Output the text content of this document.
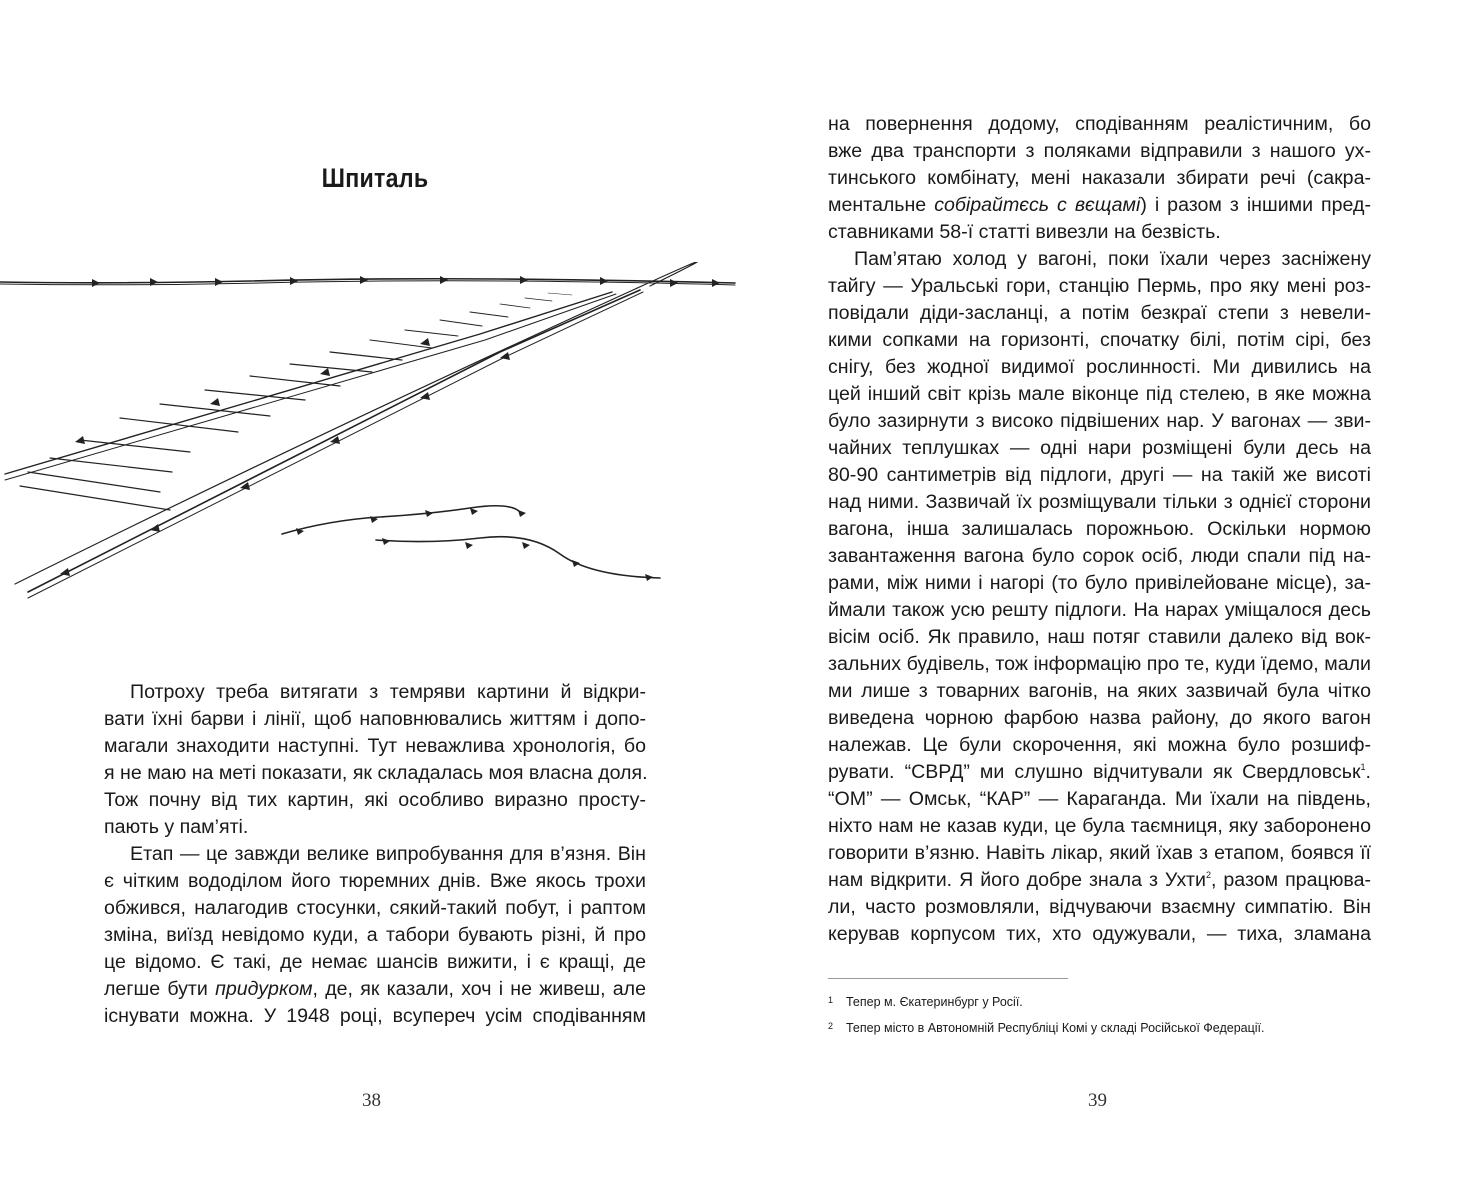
Шпиталь

Потроху треба витягати з темряви картини й відкри-
вати їхні барви і лінії, щоб наповнювались життям і допо-
магали знаходити наступні. Тут неважлива хронологія, бо
я не маю на меті показати, як складалась моя власна доля.
Тож почну від тих картин, які особливо виразно просту-
пають у пам’яті.

Етап — це завжди велике випробування для в’язня. Він
є чітким вододілом його тюремних днів. Вже якось трохи
обжився, налагодив стосунки, сякий-такий побут, і раптом
зміна, виїзд невідомо куди, а табори бувають різні, й про
це відомо. Є такі, де немає шансів вижити, і є кращі, де
легше бути придурком, де, як казали, хоч і не живеш, але
існувати можна. У 1948 році, всупереч усім сподіванням

38

на повернення додому, сподіванням реалістичним, бо
вже два транспорти з поляками відправили з нашого ух-
тинського комбінату, мені наказали збирати речі (сакра-
ментальне собірайтєсь с вєщамі) і разом з іншими пред-
ставниками 58-ї статті вивезли на безвість.

Пам’ятаю холод у вагоні, поки їхали через засніжену
тайгу — Уральські гори, станцію Пермь, про яку мені роз-
повідали діди-засланці, а потім безкраї степи з невели-
кими сопками на горизонті, спочатку білі, потім сірі, без
снігу, без жодної видимої рослинності. Ми дивились на
цей інший світ крізь мале віконце під стелею, в яке можна
було зазирнути з високо підвішених нар. У вагонах — зви-
чайних теплушках — одні нари розміщені були десь на
80-90 сантиметрів від підлоги, другі — на такій же висоті
над ними. Зазвичай їх розміщували тільки з однієї сторони
вагона, інша залишалась порожньою. Оскільки нормою
завантаження вагона було сорок осіб, люди спали під на-
рами, між ними і нагорі (то було привілейоване місце), за-
ймали також усю решту підлоги. На нарах уміщалося десь
вісім осіб. Як правило, наш потяг ставили далеко від вок-
зальних будівель, тож інформацію про те, куди їдемо, мали
ми лише з товарних вагонів, на яких зазвичай була чітко
виведена чорною фарбою назва району, до якого вагон
належав. Це були скорочення, які можна було розшиф-
рувати. “СВРД” ми слушно відчитували як Свердловськ$^1$.
“ОМ” — Омськ, “КАР” — Караганда. Ми їхали на південь,
ніхто нам не казав куди, це була таємниця, яку заборонено
говорити в’язню. Навіть лікар, який їхав з етапом, боявся її
нам відкрити. Я його добре знала з Ухти$^2$, разом працюва-
ли, часто розмовляли, відчуваючи взаємну симпатію. Він
керував корпусом тих, хто одужували, — тиха, зламана

1 Тепер м. Єкатеринбург у Росії.
2 Тепер місто в Автономній Республіці Комі у складі Російської Федерації.
39
